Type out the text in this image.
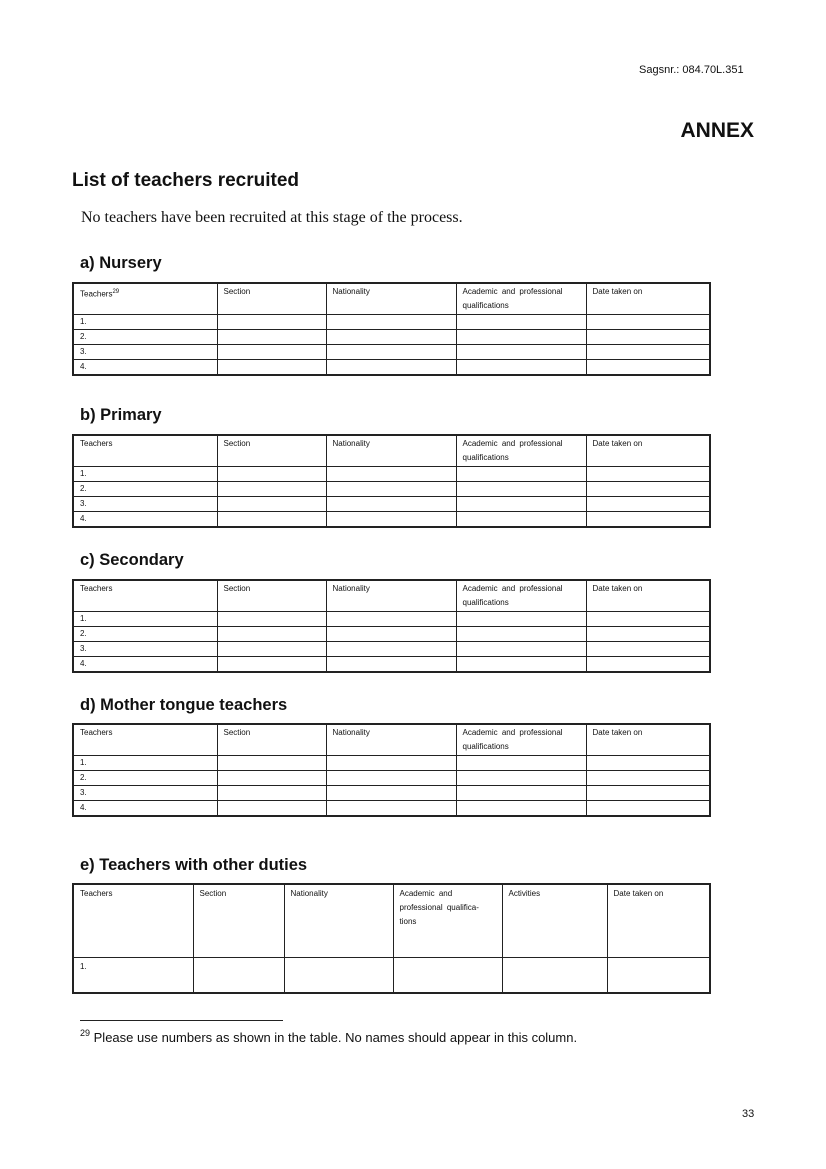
Sagsnr.: 084.70L.351
ANNEX
List of teachers recruited
No teachers have been recruited at this stage of the process.
a) Nursery
Teachers$^{29}$	Section	Nationality	Academic and professional qualifications	Date taken on
1.				
2.				
3.				
4.				
b) Primary
Teachers	Section	Nationality	Academic and professional qualifications	Date taken on
1.				
2.				
3.				
4.				
c) Secondary
Teachers	Section	Nationality	Academic and professional qualifications	Date taken on
1.				
2.				
3.				
4.				
d) Mother tongue teachers
Teachers	Section	Nationality	Academic and professional qualifications	Date taken on
1.				
2.				
3.				
4.				
e) Teachers with other duties
Teachers	Section	Nationality	Academic and professional qualifica-tions	Activities	Date taken on
1.					
$^{29}$ Please use numbers as shown in the table. No names should appear in this column.
33
